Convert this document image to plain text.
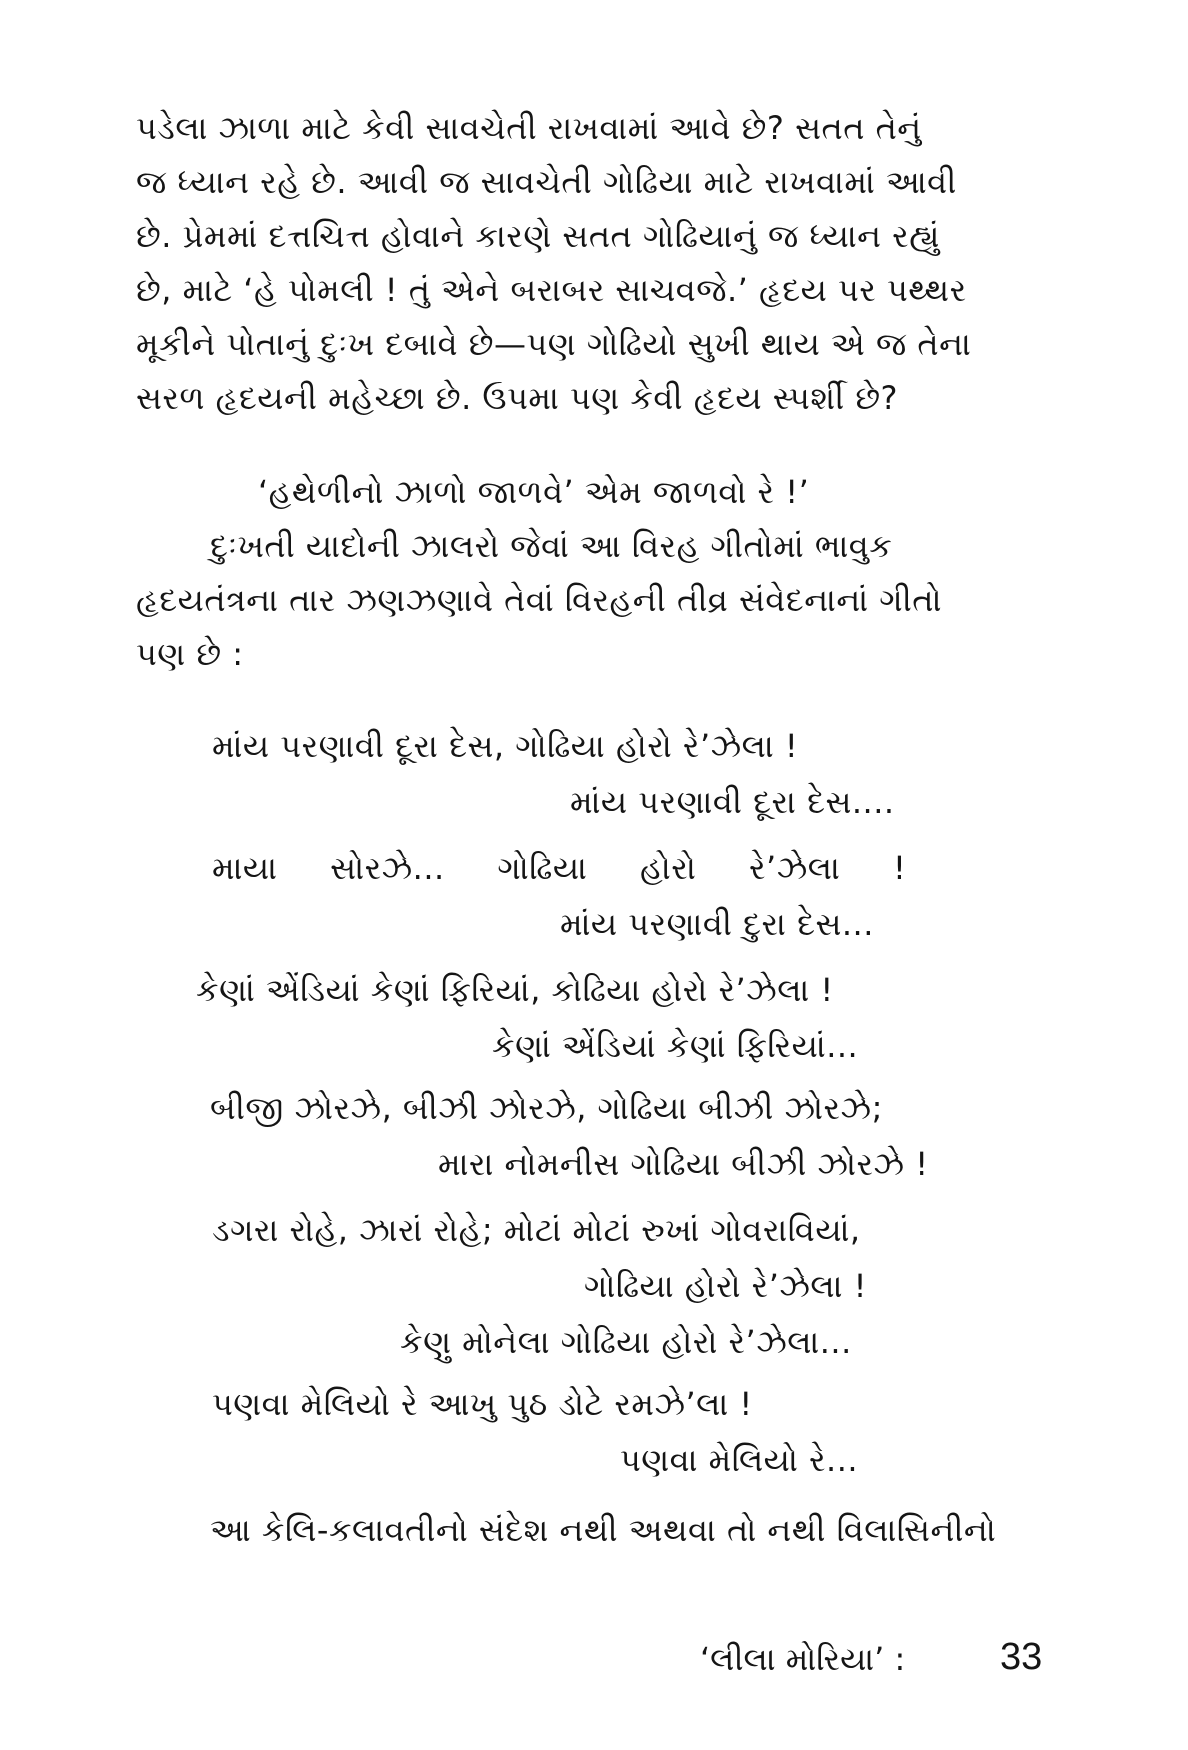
પડેલા ઝાળા માટે કેવી સાવચેતી રાખવામાં આવે છે? સતત તેનું
જ ધ્યાન રહે છે. આવી જ સાવચેતી ગોઢિયા માટે રાખવામાં આવી
છે. પ્રેમમાં દત્તચિત્ત હોવાને કારણે સતત ગોઢિયાનું જ ધ્યાન રહ્યું
છે, માટે ‘હે પોમલી ! તું એને બરાબર સાચવજે.’ હૃદય પર પથ્થર
મૂકીને પોતાનું દુઃખ દબાવે છે—પણ ગોઢિયો સુખી થાય એ જ તેના
સરળ હૃદયની મહેચ્છા છે. ઉપમા પણ કેવી હૃદય સ્પર્શી છે?
‘હથેળીનો ઝાળો જાળવે’ એમ જાળવો રે !’
દુઃખતી યાદોની ઝાલરો જેવાં આ વિરહ ગીતોમાં ભાવુક
હૃદયતંત્રના તાર ઝણઝણાવે તેવાં વિરહની તીવ્ર સંવેદનાનાં ગીતો
પણ છે :
માંય પરણાવી દૂરા દેસ, ગોઢિયા હોરો રે’ઝેલા !
માંય પરણાવી દૂરા દેસ....
માયા સોરઝે... ગોઢિયા હોરો રે’ઝેલા !
માંય પરણાવી દુરા દેસ...
કેણાં એંડિયાં કેણાં ફિરિયાં, કોઢિયા હોરો રે’ઝેલા !
કેણાં એંડિયાં કેણાં ફિરિયાં...
બીજી ઝોરઝે, બીઝી ઝોરઝે, ગોઢિયા બીઝી ઝોરઝે;
મારા નોમનીસ ગોઢિયા બીઝી ઝોરઝે !
ડગરા રોહે, ઝારાં રોહે; મોટાં મોટાં રુખાં ગોવરાવિયાં,
ગોઢિયા હોરો રે’ઝેલા !
કેણુ મોનેલા ગોઢિયા હોરો રે’ઝેલા...
પણવા મેલિયો રે આખુ પુઠ ડોટે રમઝે’લા !
પણવા મેલિયો રે...
આ કેલિ-કલાવતીનો સંદેશ નથી અથવા તો નથી વિલાસિનીનો
‘લીલા મોરિયા’ : 33
